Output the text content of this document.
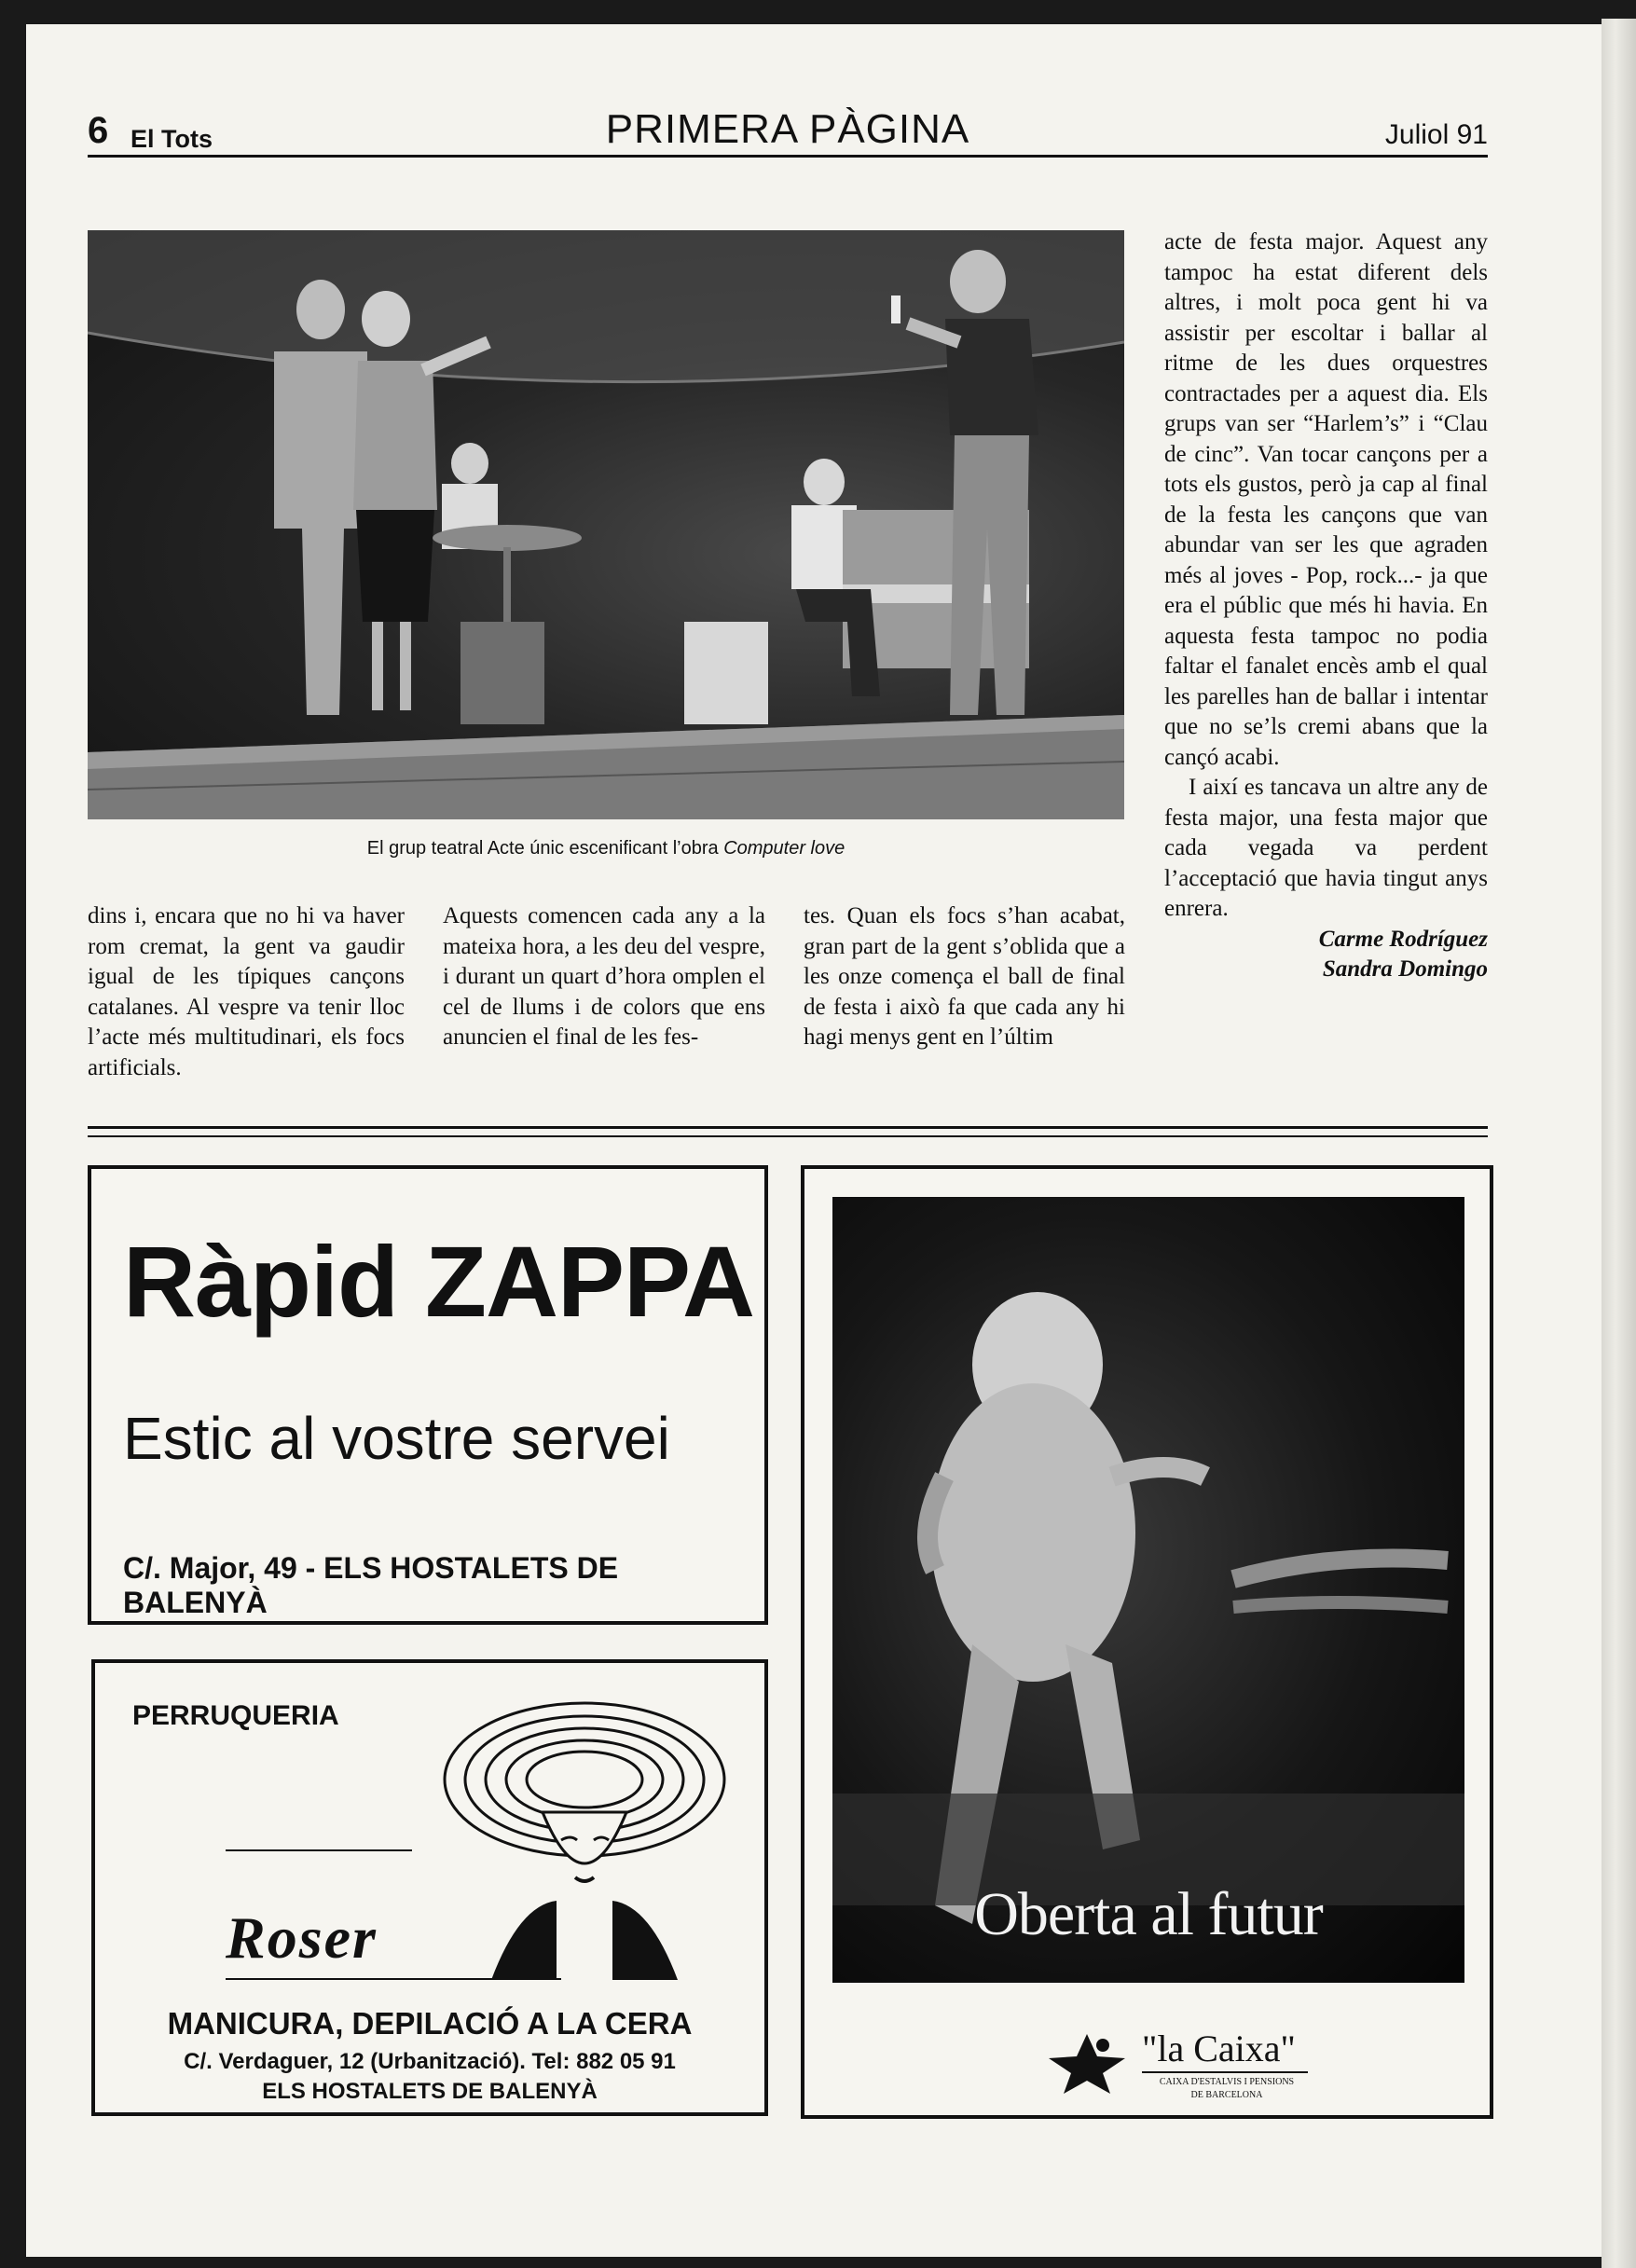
6 El Tots	PRIMERA PÀGINA	Juliol 91
El grup teatral Acte únic escenificant l’obra Computer love

dins i, encara que no hi va haver rom cremat, la gent va gaudir igual de les típiques cançons catalanes. Al vespre va tenir lloc l’acte més multitudinari, els focs artificials.

Aquests comencen cada any a la mateixa hora, a les deu del vespre, i durant un quart d’hora omplen el cel de llums i de colors que ens anuncien el final de les fes-

tes. Quan els focs s’han acabat, gran part de la gent s’oblida que a les onze comença el ball de final de festa i això fa que cada any hi hagi menys gent en l’últim

acte de festa major. Aquest any tampoc ha estat diferent dels altres, i molt poca gent hi va assistir per escoltar i ballar al ritme de les dues orquestres contractades per a aquest dia. Els grups van ser “Harlem’s” i “Clau de cinc”. Van tocar cançons per a tots els gustos, però ja cap al final de la festa les cançons que van abundar van ser les que agraden més al joves - Pop, rock...- ja que era el públic que més hi havia. En aquesta festa tampoc no podia faltar el fanalet encès amb el qual les parelles han de ballar i intentar que no se’ls cremi abans que la cançó acabi.

I així es tancava un altre any de festa major, una festa major que cada vegada va perdent l’acceptació que havia tingut anys enrera.

Carme Rodríguez

Sandra Domingo

Ràpid ZAPPA
Estic al vostre servei
C/. Major, 49 - ELS HOSTALETS DE BALENYÀ
PERRUQUERIA
Roser
MANICURA, DEPILACIÓ A LA CERA
C/. Verdaguer, 12 (Urbanització). Tel: 882 05 91
ELS HOSTALETS DE BALENYÀ
Oberta al futur
"la Caixa"
CAIXA D'ESTALVIS I PENSIONS
DE BARCELONA
